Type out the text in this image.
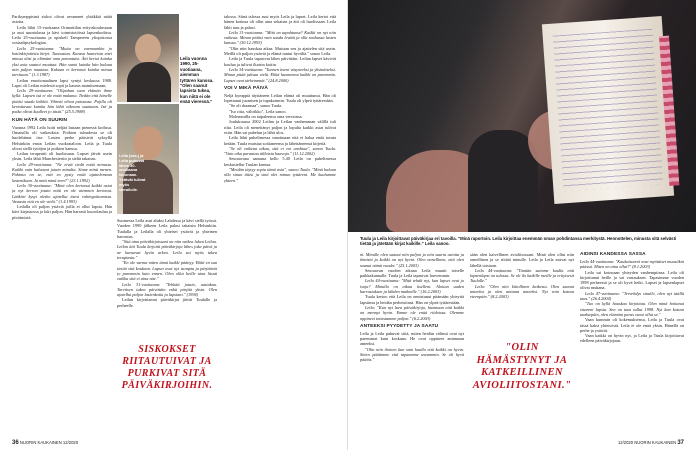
Parikymppisinä siskot olivat arvanneet yhtäkkiä näitä asioita.

Leila lähti 15-vuotiaana Orimattilan erityiskoulustaan ja asui asuntolassa ja kävi toimistotöissä lapsenkodissa. Leila 25-vuotiaana ja opiskeli Tampereen yliopistossa sosiaalipsykologiaa.

Leila 25-vuotiaana: "Muita on varmaankin jo kotiinkirjoitettu kirjet. Tunnustan. Kanssa haaveisin ettei minua olisi ja elämäni oma parantuisi. Äiti kertoi kuinka yksi asia saattoi muuttaa. Hän sanoi kuinka hän haluaa niin paljon muuttaa. Kukaan ei kertonut kuinka minua tarvitaan." (1.3.1987)

Leilan emotionaalinen lapsi syntyi keskussa 1988. Lapsi oli Leilan mielestä sopii ja kaunis mainitsemaan.

Leila 29-vuotiaana: "Olipahan tuon elämän ihme kyllä. Lapsen isä ei ole enää mukana. Tiedän että hänelle pitäisi saada leikkiä. Vihreät olivat puistossa. Pojilla oli kertottavaa kuinka hän lähti oikeaan suuntaan. Isä ja poika olivat kuulleet jo tästä." (25.5.1988)

KUN HÄTÄ ON SUURIN

Vuonna 1992 Leila hoiti neljää lastaan pienessä kodissa. Omaisilla oli vaikeuksia. Poikien taloudesta se oli huolehtinut itse. Lasten perhe pääsivät syksyllä Helsinkiin ensin Leilan vuokrataloon. Leila ja Tuula olivat siellä tyttöjen ja poikien kanssa.

Leilan terapeutti oli huolissaan. Lapset jäivät usein yksin. Leila lähti Manchesteriin ja sieltä takaisin.

Leila 29-vuotiaana: "Ne eivät tiedä enää minusta. Kaikki vain haluavat jotain minulta. Sinne minä menen. Pahinta on se, että en pysty enää ajattelemaan lastenikaan. Ja mitä minä teen?" (23.1.1992)

Leila 30-vuotiaana: "Minä olen kertonut kaikki asiat ja nyt kerron jotain mitä en ole aiemmin kertonut. Lääkäri kysyi oletko ajatellut itsesi vahingoittamista. Vastasin että en ole vielä." (1.4.1993)

Leilalla oli paljon ystäviä joilla ei ollut lapsia. Hän kävi kirjastossa ja luki paljon. Hän harrasti kuorolaulua ja piirtämistä.

Leila vuonna 1990, 25-vuotiaana, aiemman tyttären kanssa. "Olen saanut lapsista tukea, kun niitä ei ole enää vieressä."
Leila (vas.) ja Leila puhuvat lähes 30-vuotiaana kotonaan. Ystävät tulivat myös vierailulle.

Suomessa Leila asui aluksi Lahdessa ja kävi siellä työssä. Vuoden 1990 jälkeen Leila palasi takaisin Helsinkiin. Tuulalla ja Leilalla oli yhteiset ystävät ja yhteinen harrastus.

"Sitä aina päiväkirjoissani on niin vaikea lukea Leilaa. Leilan äiti Tuula kirjoitti päiväkirjoja lähes joka päivä ja ne kuvaavat hyvin arkea. Leila sai myös tukea terapiasta."

"En ole varma miten tämä kaikki päättyy. Ehkä en saa tietää sitä koskaan. Lapset ovat nyt isompia ja pärjäävät jo paremmin kuin ennen. Olen ollut heille aina läsnä vaikka sitä ei aina näe."

Leila 31-vuotiaana: "Tehkää jotain, auttakaa. Tarvitsen tukea päivittäin enkä pärjää yksin. Olen ajatellut paljon lastenkotia ja lapsiani." (1994)

Leilan kirjoittamat päiväkirjat jäivät Tuulalle ja perheelle.

SISKOKSET RIITAUTUIVAT JA PURKIVAT SITÄ PÄIVÄKIRJOIHIN.

talossa. Siinä talossa asui myös Leila ja lapset. Leila kertoi että hänen kotinsa oli ollut aina sekaisin ja äiti oli huolissaan. Leila lähti taas ja palasi.

Leila 31-vuotiaana: "Mitä on tapahtunut? Kaikki on nyt niin vaikeaa. Minun pitäisi vain saada levätä ja olla rauhassa lasten kanssa." (30.12.1993)

"Olin niin hauskaa aikaa. Muistan sen ja ajattelen sitä usein. Meillä oli paljon ystäviä ja elämä tuntui hyvältä." sanoo Leila.

Leila ja Tuula tapasivat lähes päivittäin. Leilan lapset kävivät koulua ja tulivat iltaisin kotiin.

Leila 34-vuotiaana: "Tunnen itseni väsyneeksi ja yksinäiseksi. Minun pitää jaksaa vielä. Ehkä huomenna kaikki on paremmin. Lapset ovat tärkeimmät." (24.8.2000)

VOI V MIKÄ PÄIVÄ

Neljä kymppiä täyttäneen Leilan elämä oli muuttunut. Hän oli lopettanut juomisen ja tupakoinnin. Tuula oli ylpeä tyttärestään.

"Se oli draamaa", sanoo Tuula.

"Iso riita, välirikko", Leila sanoo.

Molemmilla on taipaleensa oma versionsa.

Joulukuussa 2002 Leilan ja Leilan vanhemman välillä tuli riita. Leila oli menettänyt paljon ja lopulta kaikki asiat tulivat esiin. Hän sai puhelun ja lähti ulos.

Leila lähti puhelimessa sanottuaan että ei halua enää tavata ketään. Tuula muistaa soittaneensa ja lähettäneensä kirjeitä.

"Se oli vaikeaa aikaa, sitä ei voi unohtaa", sanoo Tuula. "Vain aika parantaa tällaisia haavoja." (11.12.2002)

Seuraavana aamuna kello 5.40 Leila on puhelimessa keskustellut Tuulan kanssa.

"Meidän täytyy sopia tämä asia", sanoo Tuula. "Minä haluan olla sinun äitisi ja sinä olet minun tyttäreni. Me kuulumme yhteen."

36 NUORIN KAUKAINEN 12/2020
Tuula ja Leila kirjoittavat päiväkirjaa eri tavoilla. "Minä raportoin. Leila kirjoittaa enemmän oman pohdintansa merkitystä. Hennottelen, minusta sitä selvästi tietää ja jätetään kirjat kaikille." Leila sanoo.

ni. Minulle olen saanut niin paljon ja niin suuria asioita ja ihmisiä ja kaikki on nyt hyvin. Olen onnellinen, että olen saanut nämä vuodet." (25.1.2003)

Seuraavan vuoden aikana Leila muutti toiselle paikkakunnalle. Tuula ja Leila tapasivat harvemmin.

Leila 44-vuotiaana: "Mitä tehdä nyt, kun lapset ovat jo isoja? Minulla on aikaa itselleni. Aloitan uuden harrastuksen ja lähden matkoille." (16.2.2003)

Tuula kertoo että Leila on onnistunut pitämään yhteyttä lapsiinsa ja heidän perheisiinsä. Hän on ylpeä tyttärestään.

Leila: "Kun nyt luen päiväkirjoja, huomaan että kaikki on mennyt hyvin. Emme ole enää riidoissa. Olemme oppineet toisistamme paljon." (6.2.2003)

ANTEEKSI PYYDETTY JA SAATU

Leila ja Leila puhuvat siitä, miten heidän välinsä ovat nyt paremmat kuin koskaan. He ovat oppineet antamaan anteeksi.

"Olin niin iloinen kun sain kuulla että kaikki on hyvin. Sitten päätimme että tapaamme useammin. Se oli hyvä päätös."

sään olen kaivellinen aviolittossani. Minä olen ollut niin onnellinen ja se riittää minulle. Leila ja Leila asuvat nyt lähellä toisiaan.

Leila 44-vuotiaana: "Tänään saimme kuulla että lapsenlapsi on tulossa. Se oli ilo kaikille meille ja erityisesti Tuulalle."

Leila: "Olen niin kiitollinen kaikesta. Olen saanut anteeksi ja olen antanut anteeksi. Nyt voin katsoa eteenpäin." (8.2.2003)

"OLIN HÄMÄSTYNYT JA KATKEILLINEN AVIOLIITOSTANI."
ÄIDINSI KANDESSA SÄSSÄ

Leila 44-vuotiaana: "Kaukaisuteni ovat myötäiset muusiikin päässä. Miten on aina ollut?" (8.1.2003)

Leila sai kotonaan yhteyden vanhempiinsa. Leila oli kirjoittanut heille ja sai vastauksen. Tapasimme vuoden 1998 perheessä ja se oli hyvä hetki. Lapset ja lapsenlapset olivat mukana.

Leila 47-vuotiaana: "Tervehdys sinulle, olen nyt täällä taas." (26.4.2004)

"Tuo on kyllä hauskaa kirjoittaa. Olen minä hoitanut sisareni lapsia. Sen on taas tullut 1998. Nyt kun katson taaksepäin, olen elämäni paras vuosi ollut se."

Vaan kummin oli kokemuksensa, Leila ja Tuula ovat tässä kaksi yhteisöstä. Leila ei ole enää yksin. Hänellä on perhe ja ystävät.

Vaan kaikki on hyvin nyt, ja Leila ja Tuula kirjoittavat edelleen päiväkirjojaan.

12/2020 NUORIN KAUKAINEN 37
